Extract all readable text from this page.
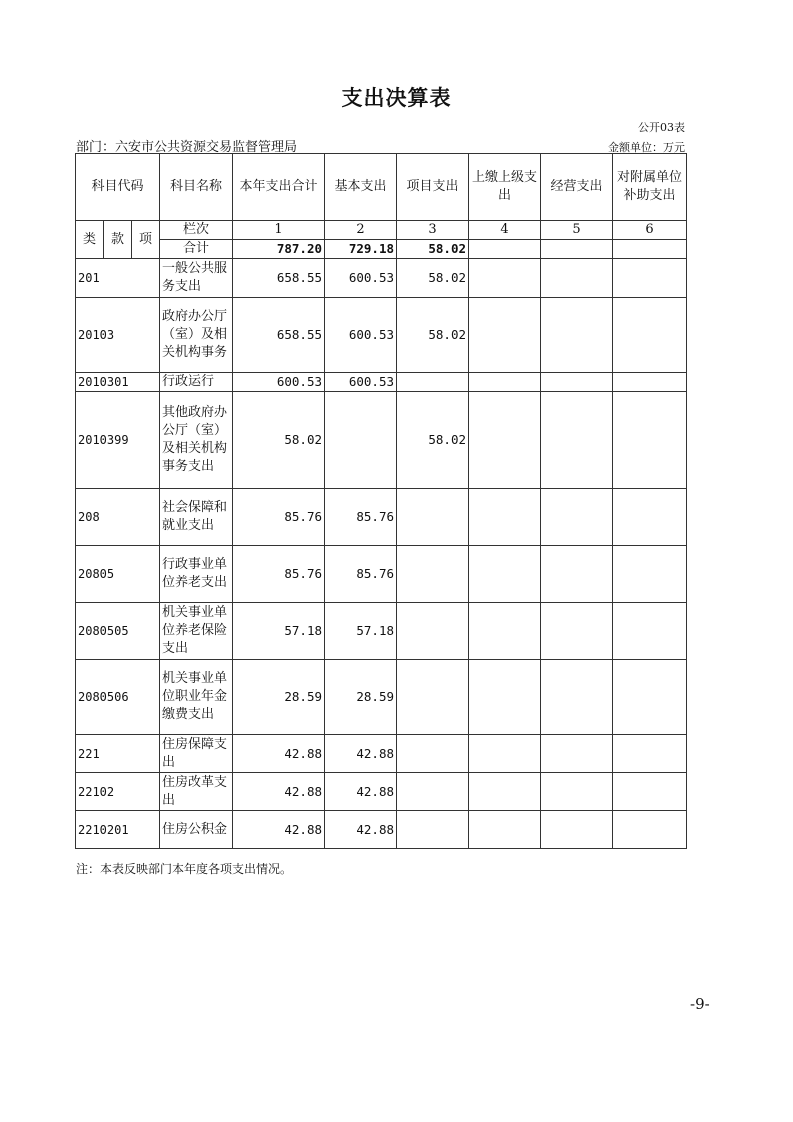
支出决算表
公开03表
部门：六安市公共资源交易监督管理局	金额单位：万元
科目代码			科目名称	本年支出合计	基本支出	项目支出	上缴上级支出	经营支出	对附属单位补助支出
类	款	项	栏次	1	2	3	4	5	6
			合计	787.20	729.18	58.02			
201			一般公共服务支出	658.55	600.53	58.02			
20103			政府办公厅（室）及相关机构事务	658.55	600.53	58.02			
2010301			行政运行	600.53	600.53				
2010399			其他政府办公厅（室）及相关机构事务支出	58.02		58.02			
208			社会保障和就业支出	85.76	85.76				
20805			行政事业单位养老支出	85.76	85.76				
2080505			机关事业单位养老保险支出	57.18	57.18				
2080506			机关事业单位职业年金缴费支出	28.59	28.59				
221			住房保障支出	42.88	42.88				
22102			住房改革支出	42.88	42.88				
2210201			住房公积金	42.88	42.88				
注：本表反映部门本年度各项支出情况。
-9-
